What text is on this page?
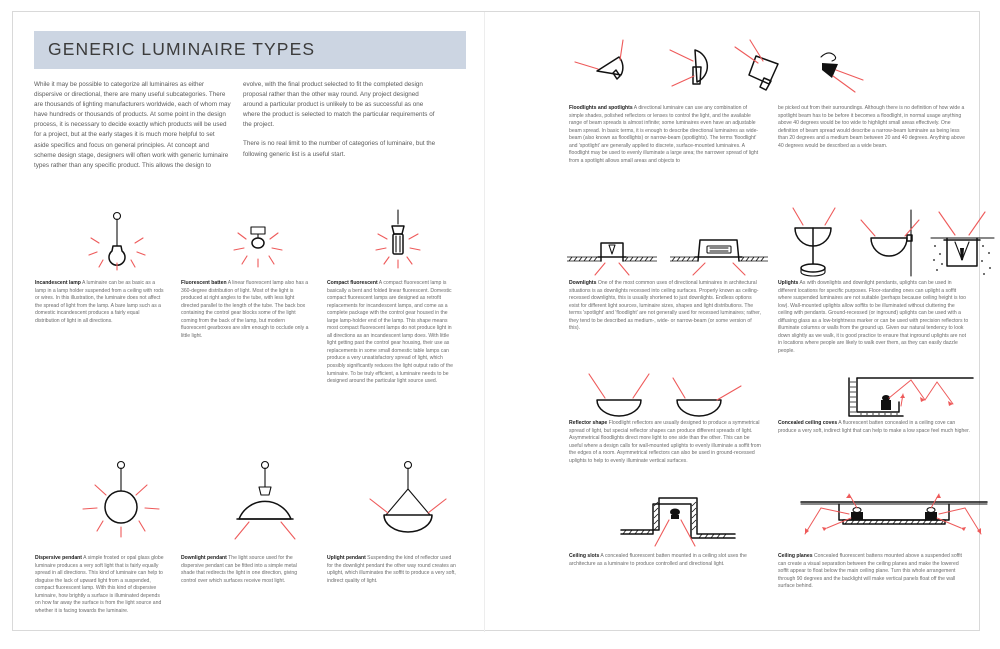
GENERIC LUMINAIRE TYPES

While it may be possible to categorize all luminaires as either dispersive or directional, there are many useful subcategories. There are thousands of lighting manufacturers worldwide, each of whom may have hundreds or thousands of products. At some point in the design process, it is necessary to decide exactly which products will be used for a project, but at the early stages it is much more helpful to set aside specifics and focus on general principles. At concept and scheme design stage, designers will often work with generic luminaire types rather than any specific product. This allows the design to

evolve, with the final product selected to fit the completed design proposal rather than the other way round. Any project designed around a particular product is unlikely to be as successful as one where the product is selected to match the particular requirements of the project.

There is no real limit to the number of categories of luminaire, but the following generic list is a useful start.

Floodlights and spotlights A directional luminaire can use any combination of simple shades, polished reflectors or lenses to control the light, and the available range of beam spreads is almost infinite; some luminaires even have an adjustable beam spread. In basic terms, it is enough to describe directional luminaires as wide-beam (also known as floodlights) or narrow-beam (spotlights). The terms 'floodlight' and 'spotlight' are generally applied to discrete, surface-mounted luminaires. A floodlight may be used to evenly illuminate a large area; the narrower spread of light from a spotlight allows small areas and objects to
be picked out from their surroundings. Although there is no definition of how wide a spotlight beam has to be before it becomes a floodlight, in normal usage anything above 40 degrees would be too wide to highlight small areas effectively. One definition of beam spread would describe a narrow-beam luminaire as being less than 20 degrees and a medium beam between 20 and 40 degrees. Anything above 40 degrees would be described as a wide beam.
Incandescent lamp A luminaire can be as basic as a lamp in a lamp holder suspended from a ceiling with rods or wires. In this illustration, the luminaire does not affect the spread of light from the lamp. A bare lamp such as a domestic incandescent produces a fairly equal distribution of light in all directions.
Fluorescent batten A linear fluorescent lamp also has a 360-degree distribution of light. Most of the light is produced at right angles to the tube, with less light directed parallel to the length of the tube. The back box containing the control gear blocks some of the light coming from the back of the lamp, but modern fluorescent gearboxes are slim enough to occlude only a little light.
Compact fluorescent A compact fluorescent lamp is basically a bent and folded linear fluorescent. Domestic compact fluorescent lamps are designed as retrofit replacements for incandescent lamps, and come as a complete package with the control gear housed in the large lamp-holder end of the lamp. This shape means most compact fluorescent lamps do not produce light in all directions as an incandescent lamp does. With little light getting past the control gear housing, their use as replacements in some small domestic table lamps can produce a very unsatisfactory spread of light, which possibly significantly reduces the light output ratio of the luminaire. To be truly efficient, a luminaire needs to be designed around the particular light source used.
Downlights One of the most common uses of directional luminaires in architectural situations is as downlights recessed into ceiling surfaces. Properly known as ceiling-recessed downlights, this is usually shortened to just downlights. Endless options exist for different light sources, luminaire sizes, shapes and light distributions. The terms 'spotlight' and 'floodlight' are not generally used for recessed luminaires; rather, they tend to be described as medium-, wide- or narrow-beam (or some version of this).
Uplights As with downlights and downlight pendants, uplights can be used in different locations for specific purposes. Floor-standing ones can uplight a soffit where suspended luminaires are not suitable (perhaps because ceiling height is too low). Wall-mounted uplights allow soffits to be illuminated without cluttering the ceiling with pendants. Ground-recessed (or inground) uplights can be used with a diffusing glass as a low-brightness marker or can be used with precision reflectors to illuminate columns or walls from the ground up. Given our natural tendency to look down slightly as we walk, it is good practice to ensure that inground uplights are not in locations where people are likely to walk over them, as they can easily dazzle people.
Reflector shape Floodlight reflectors are usually designed to produce a symmetrical spread of light, but special reflector shapes can produce different spreads of light. Asymmetrical floodlights direct more light to one side than the other. This can be useful where a design calls for wall-mounted uplights to evenly illuminate a soffit from the edges of a room. Asymmetrical reflectors can also be used in ground-recessed uplights to help to evenly illuminate vertical surfaces.
Concealed ceiling coves A fluorescent batten concealed in a ceiling cove can produce a very soft, indirect light that can help to make a low space feel much higher.
Dispersive pendant A simple frosted or opal glass globe luminaire produces a very soft light that is fairly equally spread in all directions. This kind of luminaire can help to disguise the lack of upward light from a suspended, compact fluorescent lamp. With this kind of dispersive luminaire, how brightly a surface is illuminated depends on how far away the surface is from the light source and whether it is facing towards the luminaire.
Downlight pendant The light source used for the dispersive pendant can be fitted into a simple metal shade that redirects the light in one direction, giving control over which surfaces receive most light.
Uplight pendant Suspending the kind of reflector used for the downlight pendant the other way round creates an uplight, which illuminates the soffit to produce a very soft, indirect quality of light.
Ceiling slots A concealed fluorescent batten mounted in a ceiling slot uses the architecture as a luminaire to produce controlled and directional light.
Ceiling planes Concealed fluorescent battens mounted above a suspended soffit can create a visual separation between the ceiling planes and make the lowered soffit appear to float below the main ceiling plane. Turn this whole arrangement through 90 degrees and the backlight will make vertical panels float off the wall surface behind.
